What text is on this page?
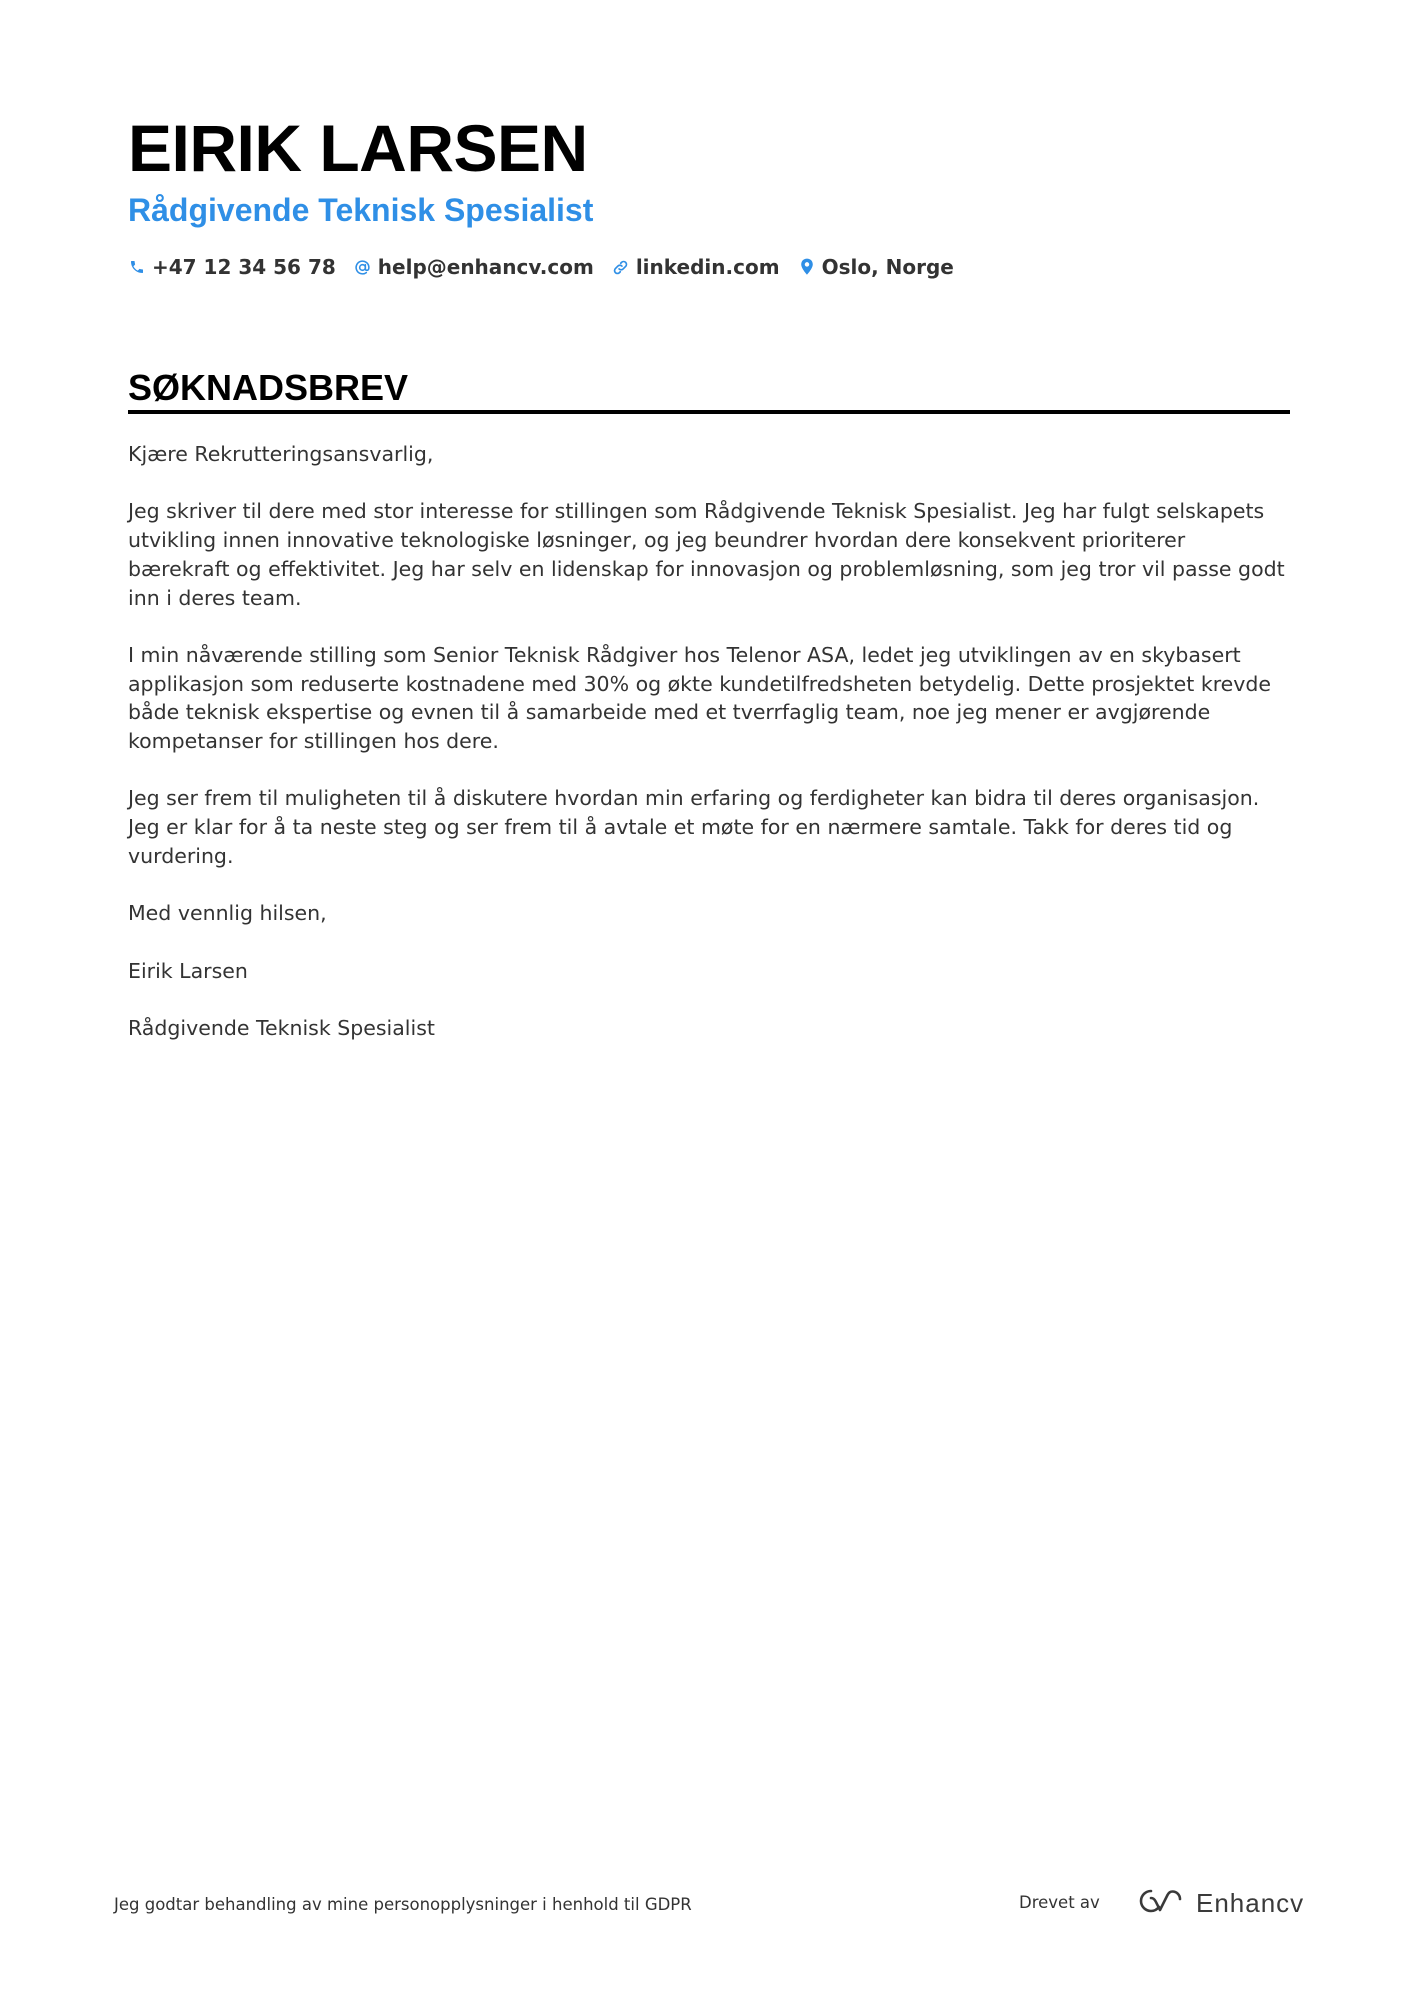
EIRIK LARSEN
Rådgivende Teknisk Spesialist
+47 12 34 56 78 help@enhancv.com linkedin.com Oslo, Norge
SØKNADSBREV

Kjære Rekrutteringsansvarlig,

Jeg skriver til dere med stor interesse for stillingen som Rådgivende Teknisk Spesialist. Jeg har fulgt selskapets utvikling innen innovative teknologiske løsninger, og jeg beundrer hvordan dere konsekvent prioriterer bærekraft og effektivitet. Jeg har selv en lidenskap for innovasjon og problemløsning, som jeg tror vil passe godt inn i deres team.

I min nåværende stilling som Senior Teknisk Rådgiver hos Telenor ASA, ledet jeg utviklingen av en skybasert applikasjon som reduserte kostnadene med 30% og økte kundetilfredsheten betydelig. Dette prosjektet krevde både teknisk ekspertise og evnen til å samarbeide med et tverrfaglig team, noe jeg mener er avgjørende kompetanser for stillingen hos dere.

Jeg ser frem til muligheten til å diskutere hvordan min erfaring og ferdigheter kan bidra til deres organisasjon. Jeg er klar for å ta neste steg og ser frem til å avtale et møte for en nærmere samtale. Takk for deres tid og vurdering.

Med vennlig hilsen,

Eirik Larsen

Rådgivende Teknisk Spesialist

Jeg godtar behandling av mine personopplysninger i henhold til GDPR	Drevet av	Enhancv
